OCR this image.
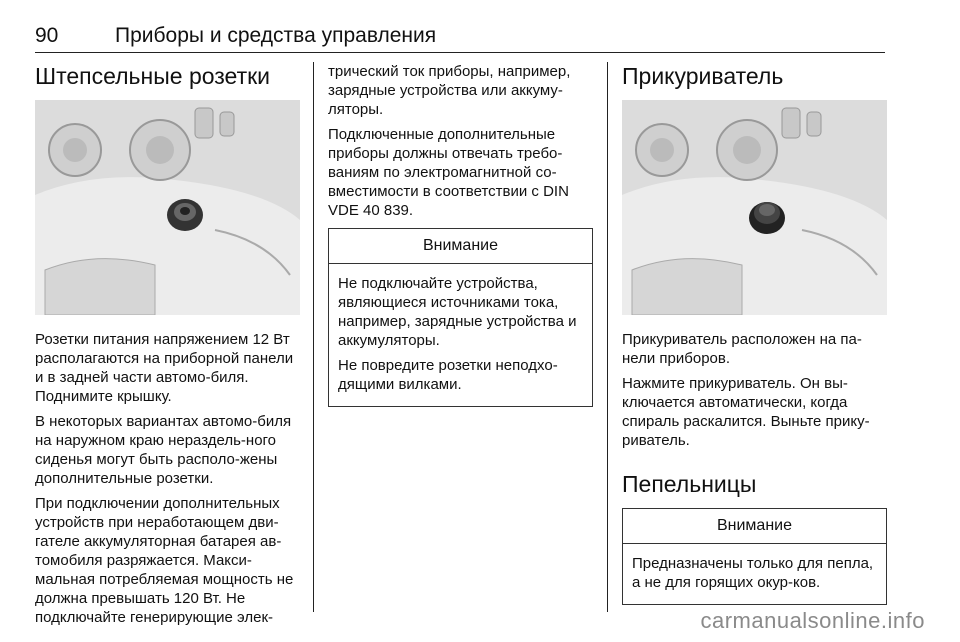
90	Приборы и средства управления
Штепсельные розетки

Розетки питания напряжением 12 Вт располагаются на приборной панели и в задней части автомо-биля. Поднимите крышку.

В некоторых вариантах автомо-биля на наружном краю нераздель-ного сиденья могут быть располо-жены дополнительные розетки.

При подключении дополнительных устройств при неработающем дви-гателе аккумуляторная батарея ав-томобиля разряжается. Макси-мальная потребляемая мощность не должна превышать 120 Вт. Не подключайте генерирующие элек-

трический ток приборы, например, зарядные устройства или аккуму-ляторы.

Подключенные дополнительные приборы должны отвечать требо-ваниям по электромагнитной со-вместимости в соответствии с DIN VDE 40 839.

Внимание

Не подключайте устройства, являющиеся источниками тока, например, зарядные устройства и аккумуляторы.

Не повредите розетки неподхо-дящими вилками.

Прикуриватель

Прикуриватель расположен на па-нели приборов.

Нажмите прикуриватель. Он вы-ключается автоматически, когда спираль раскалится. Выньте прику-риватель.

Пепельницы
Внимание

Предназначены только для пепла, а не для горящих окур-ков.

carmanualsonline.info
